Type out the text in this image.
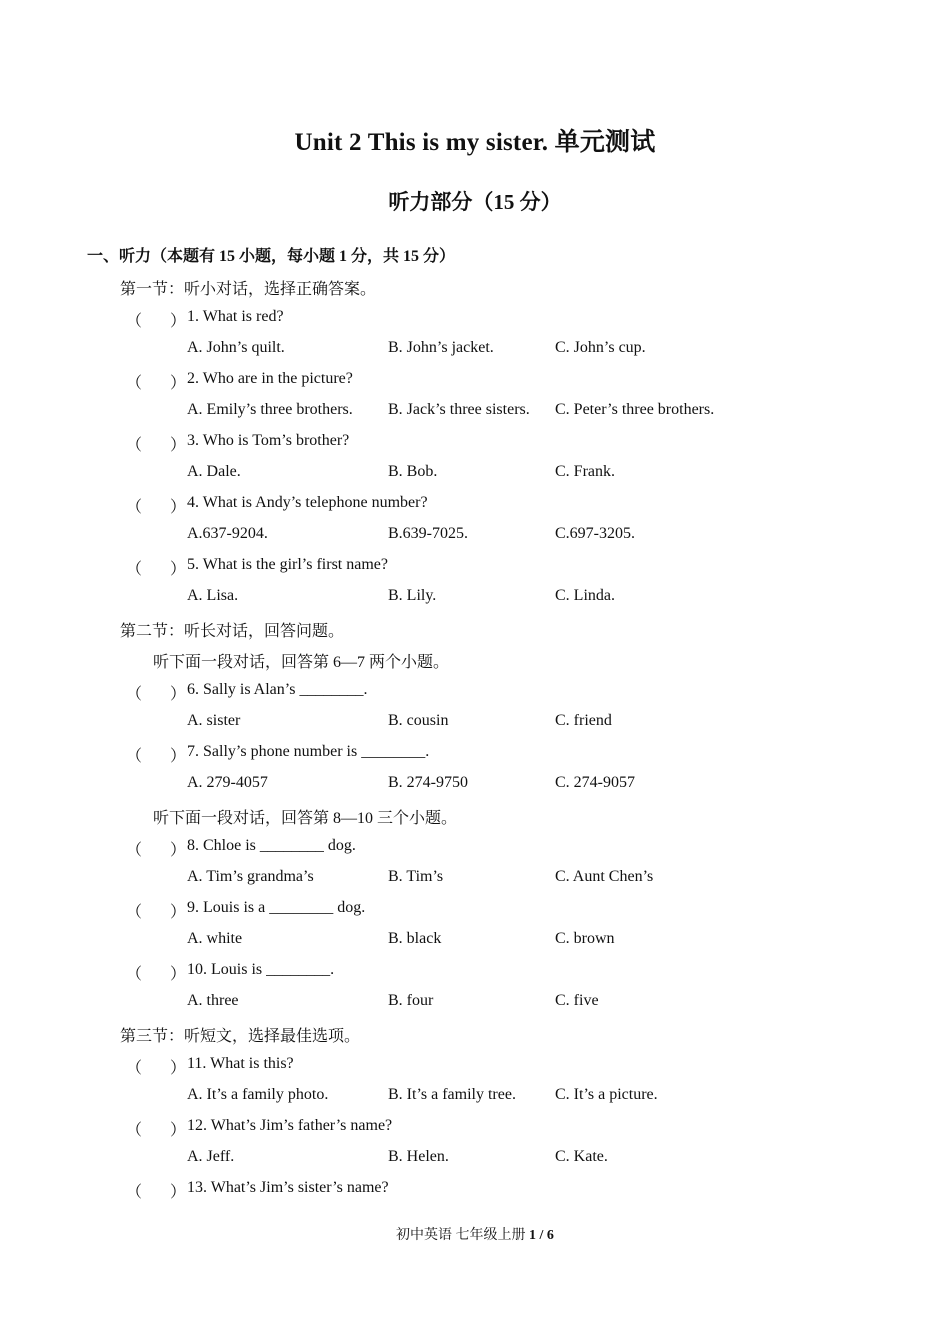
Unit 2 This is my sister. 单元测试
听力部分（15 分）
一、听力（本题有 15 小题，每小题 1 分，共 15 分）
第一节：听小对话，选择正确答案。
（ ） 1. What is red?
A. John’s quilt.	B. John’s jacket.	C. John’s cup.
（ ） 2. Who are in the picture?
A. Emily’s three brothers. B. Jack’s three sisters. C. Peter’s three brothers.
（ ） 3. Who is Tom’s brother?
A. Dale.	B. Bob.	C. Frank.
（ ） 4. What is Andy’s telephone number?
A.637-9204.	B.639-7025.	C.697-3205.
（ ） 5. What is the girl’s first name?
A. Lisa.	B. Lily.	C. Linda.
第二节：听长对话，回答问题。
听下面一段对话，回答第 6—7 两个小题。
（ ） 6. Sally is Alan’s ________.
A. sister	B. cousin	C. friend
（ ） 7. Sally’s phone number is ________.
A. 279-4057	B. 274-9750	C. 274-9057
听下面一段对话，回答第 8—10 三个小题。
（ ） 8. Chloe is ________ dog.
A. Tim’s grandma’s	B. Tim’s	C. Aunt Chen’s
（ ） 9. Louis is a ________ dog.
A. white	B. black	C. brown
（ ） 10. Louis is ________.
A. three	B. four	C. five
第三节：听短文，选择最佳选项。
（ ） 11. What is this?
A. It’s a family photo.	B. It’s a family tree. C. It’s a picture.
（ ） 12. What’s Jim’s father’s name?
A. Jeff.	B. Helen.	C. Kate.
（ ） 13. What’s Jim’s sister’s name?
初中英语 七年级上册 1 / 6
